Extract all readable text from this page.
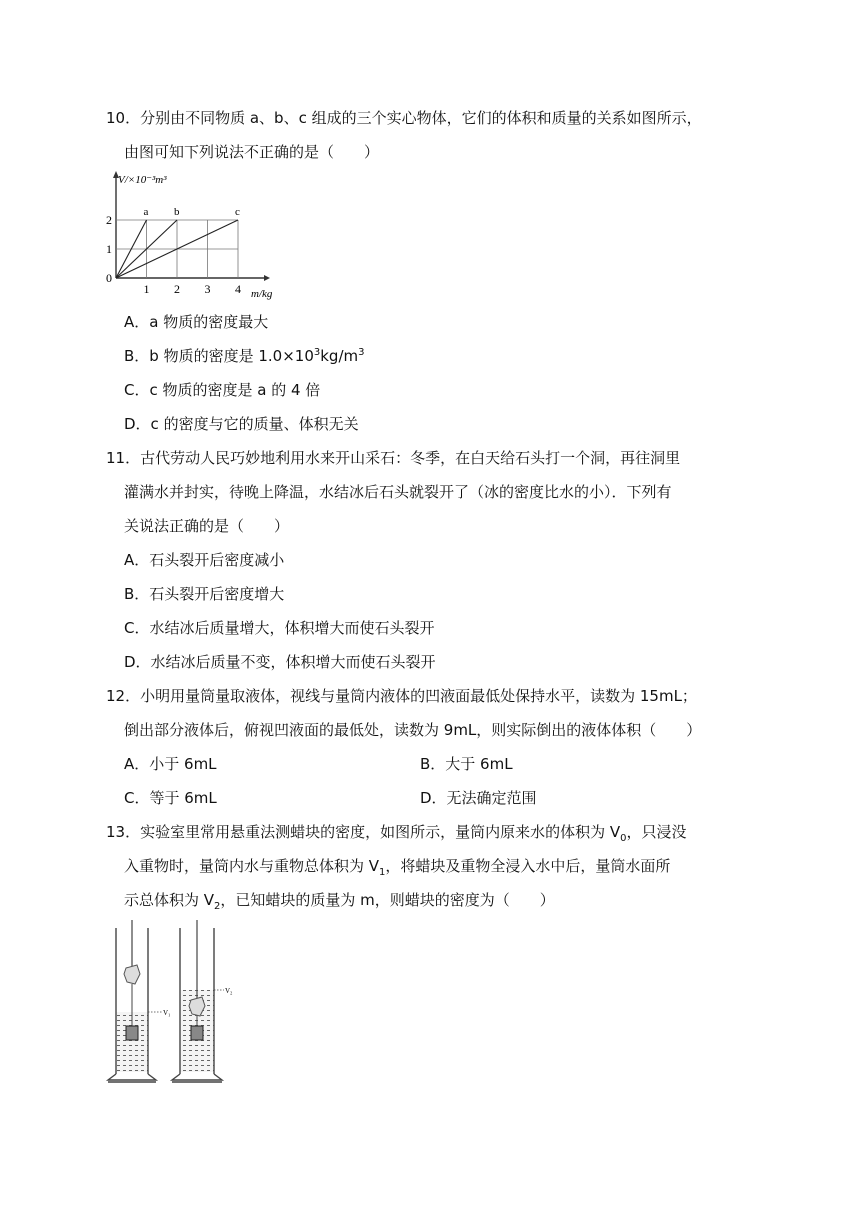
10．分别由不同物质 a、b、c 组成的三个实心物体，它们的体积和质量的关系如图所示，
由图可知下列说法不正确的是（　　）
1
2
1 2 3 4
a b	c
V/×10⁻³m³
m/kg
0
A．a 物质的密度最大
B．b 物质的密度是 $1.0\times 10^3kg/m^3$
C．c 物质的密度是 a 的 4 倍
D．c 的密度与它的质量、体积无关
11．古代劳动人民巧妙地利用水来开山采石：冬季，在白天给石头打一个洞，再往洞里
灌满水并封实，待晚上降温，水结冰后石头就裂开了（冰的密度比水的小）．下列有
关说法正确的是（　　）
A．石头裂开后密度减小
B．石头裂开后密度增大
C．水结冰后质量增大，体积增大而使石头裂开
D．水结冰后质量不变，体积增大而使石头裂开
12．小明用量筒量取液体，视线与量筒内液体的凹液面最低处保持水平，读数为 15mL；
倒出部分液体后，俯视凹液面的最低处，读数为 9mL，则实际倒出的液体体积（　　）
A．小于 6mL	B．大于 6mL
C．等于 6mL	D．无法确定范围
13．实验室里常用悬重法测蜡块的密度，如图所示，量筒内原来水的体积为 $V_0$，只浸没
入重物时，量筒内水与重物总体积为 $V_1$，将蜡块及重物全浸入水中后，量筒水面所
示总体积为 $V_2$，已知蜡块的质量为 m，则蜡块的密度为（　　）
V₁
V₂
